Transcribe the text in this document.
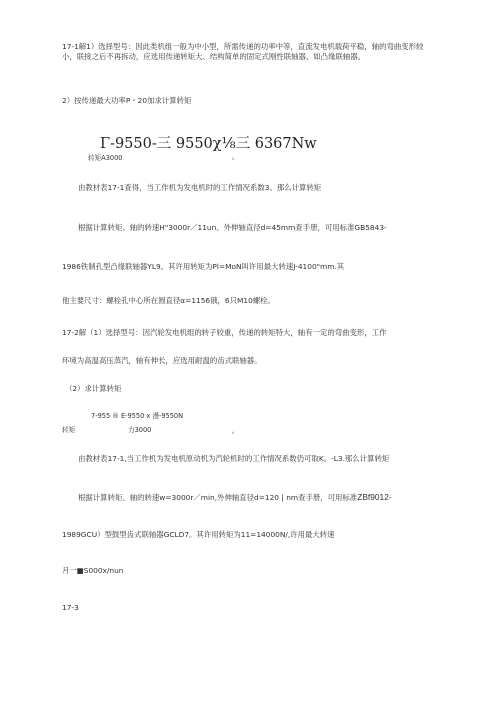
17-1解1）选择型号：因此类机组一般为中小型，所需传递的功率中等，直流发电机载荷平稳，轴的弯曲变形较小，联接之后不再拆动，应选用传递转矩大、结构简单的固定式刚性联轴器，如凸缘联轴器。
2）按传递最大功率P・20加求计算转矩
Γ-9550-三 9550χ⅛三 6367Nw
转矩A3000	。
由教材表17-1查得，当工作机为发电机时的工作情况系数3。那么计算转矩
根据计算转矩、轴的转速H"3000r／11un、外伸轴直径d=45mm查手册，可用标准GB5843-
1986铁制孔型凸缘联轴器YL9。其许用转矩为Pl=MoN叫许用最大转速J-4100"mm.其
他主要尺寸：螺栓孔中心所在圆直径α=1156俄，6只M10螺栓。
17-2解（1）选择型号：因汽轮发电机组的转子较重，传递的转矩特大，轴有一定的弯曲变形，工作
环境为高温高压蒸汽，轴有伸长，应选用耐温的齿式联轴器。
（2）求计算转矩
7-955 ® E-9550 x 漫-9550N
转矩	力3000	。
由教材表17-1,当工作机为发电机原动机为汽轮机时的工作情况系数仍可取K。-L3.那么计算转矩
根据计算转矩、轴的转速w=3000r／min,外伸轴直径d=120 | nm查手册，可用标准ZBf9012-
1989GCU）型鼓型齿式联轴器GCLD7。其许用转矩为11=14000N/,许用最大转速
月一■S000x/nun
17-3
